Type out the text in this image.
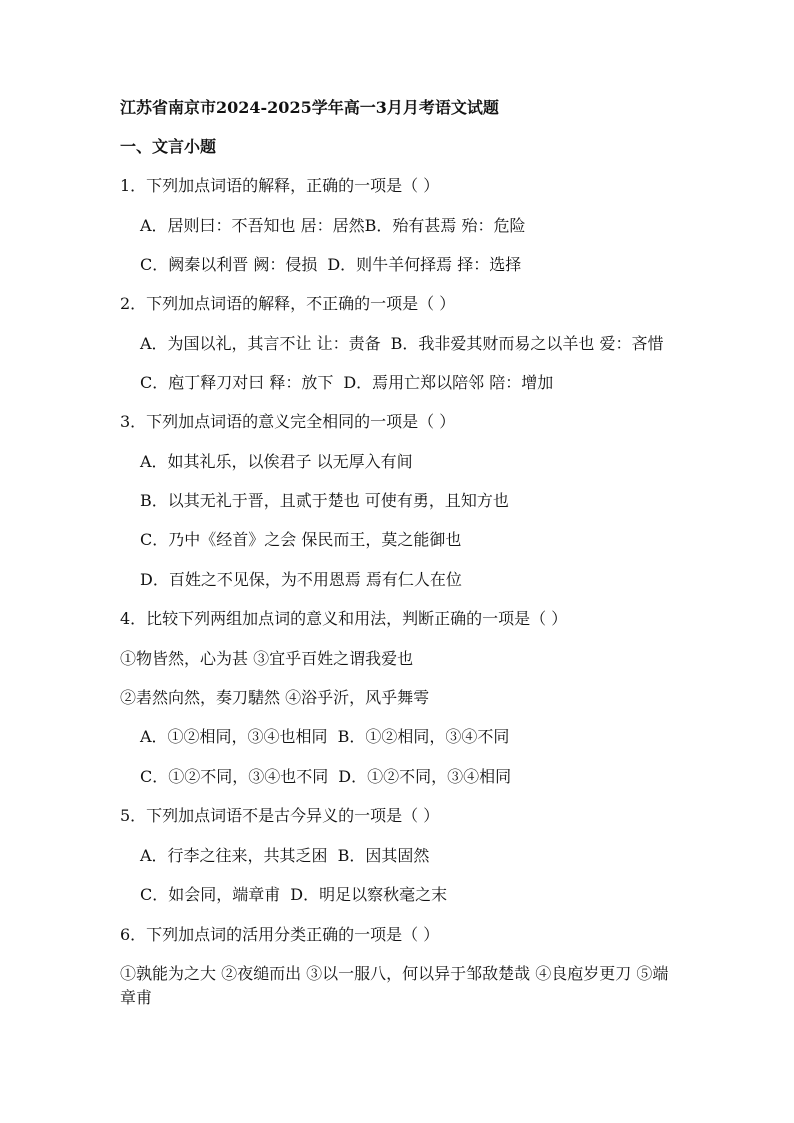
江苏省南京市2024-2025学年高一3月月考语文试题
一、文言小题
1．下列加点词语的解释，正确的一项是（ ）
A．居则曰：不吾知也 居：居然B．殆有甚焉 殆：危险
C．阙秦以利晋 阙：侵损 D．则牛羊何择焉 择：选择
2．下列加点词语的解释，不正确的一项是（ ）
A．为国以礼，其言不让 让：责备 B．我非爱其财而易之以羊也 爱：吝惜
C．庖丁释刀对曰 释：放下 D．焉用亡郑以陪邻 陪：增加
3．下列加点词语的意义完全相同的一项是（ ）
A．如其礼乐，以俟君子 以无厚入有间
B．以其无礼于晋，且贰于楚也 可使有勇，且知方也
C．乃中《经首》之会 保民而王，莫之能御也
D．百姓之不见保，为不用恩焉 焉有仁人在位
4．比较下列两组加点词的意义和用法，判断正确的一项是（ ）
①物皆然，心为甚 ③宜乎百姓之谓我爱也
②砉然向然，奏刀騞然 ④浴乎沂，风乎舞雩
A．①②相同，③④也相同 B．①②相同，③④不同
C．①②不同，③④也不同 D．①②不同，③④相同
5．下列加点词语不是古今异义的一项是（ ）
A．行李之往来，共其乏困 B．因其固然
C．如会同，端章甫 D．明足以察秋毫之末
6．下列加点词的活用分类正确的一项是（ ）
①孰能为之大 ②夜缒而出 ③以一服八，何以异于邹敌楚哉 ④良庖岁更刀 ⑤端章甫
